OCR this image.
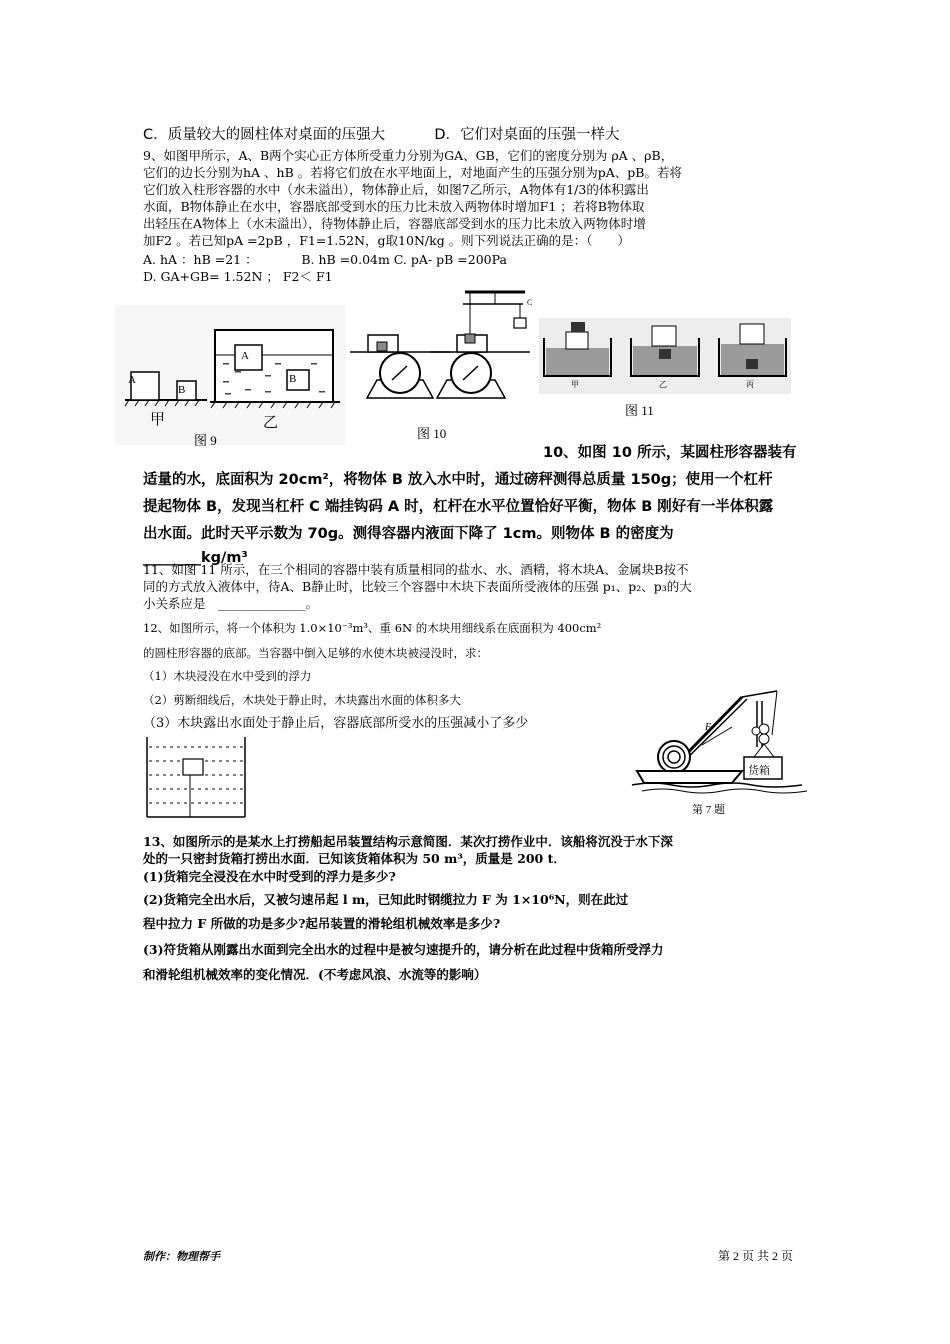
C．质量较大的圆柱体对桌面的压强大	D．它们对桌面的压强一样大
9、如图甲所示，A、B两个实心正方体所受重力分别为GA、GB，它们的密度分别为 ρA 、ρB，
它们的边长分别为hA 、hB 。若将它们放在水平地面上，对地面产生的压强分别为pA、pB。若将
它们放入柱形容器的水中（水未溢出），物体静止后，如图7乙所示，A物体有1/3的体积露出
水面，B物体静止在水中，容器底部受到水的压力比未放入两物体时增加F1 ；若将B物体取
出轻压在A物体上（水未溢出），待物体静止后，容器底部受到水的压力比未放入两物体时增
加F2 。若已知pA =2pB ，F1=1.52N，g取10N/kg 。则下列说法正确的是：（　　）
A. hA ：hB =21 ：　　　　B. hB =0.04m C. pA- pB =200Pa
D. GA+GB= 1.52N ； F2＜ F1
A
B
A
B
甲	乙
图 9
C
图 10
甲	乙	丙
图 11
10、如图 10 所示，某圆柱形容器装有
适量的水，底面积为 20cm²，将物体 B 放入水中时，通过磅秤测得总质量 150g；使用一个杠杆
提起物体 B，发现当杠杆 C 端挂钩码 A 时，杠杆在水平位置恰好平衡，物体 B 刚好有一半体积露
出水面。此时天平示数为 70g。测得容器内液面下降了 1cm。则物体 B 的密度为
________kg/m³
11、如图 11 所示，在三个相同的容器中装有质量相同的盐水、水、酒精，将木块A、金属块B按不
同的方式放入液体中，待A、B静止时，比较三个容器中木块下表面所受液体的压强 p₁、p₂、p₃的大
小关系应是　______________。
12、如图所示，将一个体积为 1.0×10⁻³m³、重 6N 的木块用细线系在底面积为 400cm²
的圆柱形容器的底部。当容器中倒入足够的水使木块被浸没时，求：
（1）木块浸没在水中受到的浮力
（2）剪断细线后，木块处于静止时，木块露出水面的体积多大
（3）木块露出水面处于静止后，容器底部所受水的压强减小了多少	F
货箱
第 7 题
13、如图所示的是某水上打捞船起吊装置结构示意简图．某次打捞作业中．该船将沉没于水下深
处的一只密封货箱打捞出水面．已知该货箱体积为 50 m³，质量是 200 t．
(1)货箱完全浸没在水中时受到的浮力是多少?
(2)货箱完全出水后，又被匀速吊起 l m，已知此时钢缆拉力 F 为 1×10⁶N，则在此过
程中拉力 F 所做的功是多少?起吊装置的滑轮组机械效率是多少?
(3)符货箱从刚露出水面到完全出水的过程中是被匀速提升的，请分析在此过程中货箱所受浮力
和滑轮组机械效率的变化情况．(不考虑风浪、水流等的影响）
制作：物理帮手	第 2 页 共 2 页
